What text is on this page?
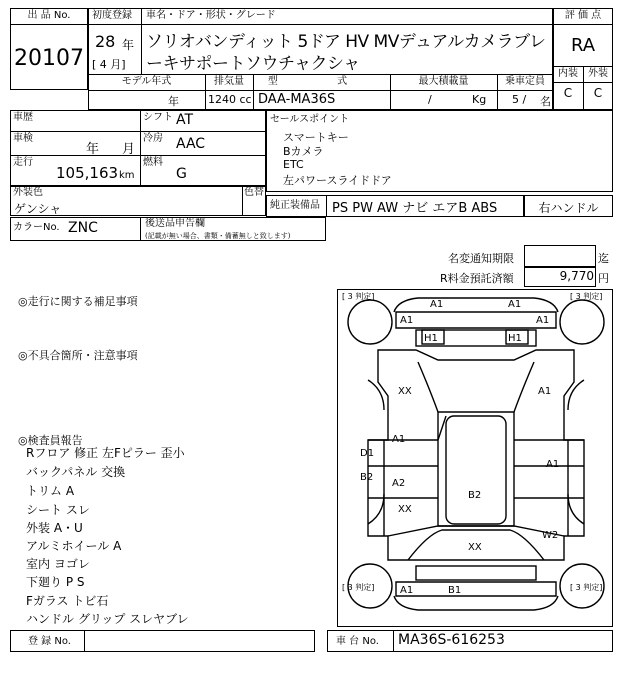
出 品 No.
20107
初度登録
28 年
[ 4 月]
車名・ドア・形状・グレード
ソリオバンディット 5ドア HV MVデュアルカメラブレ
ーキサポートソウチャクシャ
モデル年式	排気量	型 式	最大積載量	乗車定員
年	1240 cc DAA-MA36S	/	Kg 5 / 名
評 価 点
RA
内装	外装
C	C
車歴	シフト AT
車検
年 月
冷房 AAC
走行
105,163 km
燃料
G
セールスポイント
スマートキー
Bカメラ
ETC
左パワースライドドア
外装色
ゲンシャ
色替
純正装備品 PS PW AW ナビ エアB ABS	右ハンドル
カラーNo. ZNC	後送品申告欄
(記載が無い場合、書類・備蓄無しと致します)
名変通知期限	迄
R料金預託済額	9,770 円
◎走行に関する補足事項
◎不具合箇所・注意事項
◎検査員報告
Rフロア 修正 左Fピラー 歪小
バックパネル 交換
トリム A
シート スレ
外装 A・U
アルミホイール A
室内 ヨゴレ
下廻り P S
Fガラス トビ石
ハンドル グリップ スレヤブレ
[ 3 判定]	[ 3 判定]
[ 3 判定]	[ 3 判定]
A1	A1
A1	A1
H1	H1
XX	A1
A1
D1
A1
B2
A2
B2
XX
W2
XX
A1	B1
登 録 No.	車 台 No. MA36S-616253
